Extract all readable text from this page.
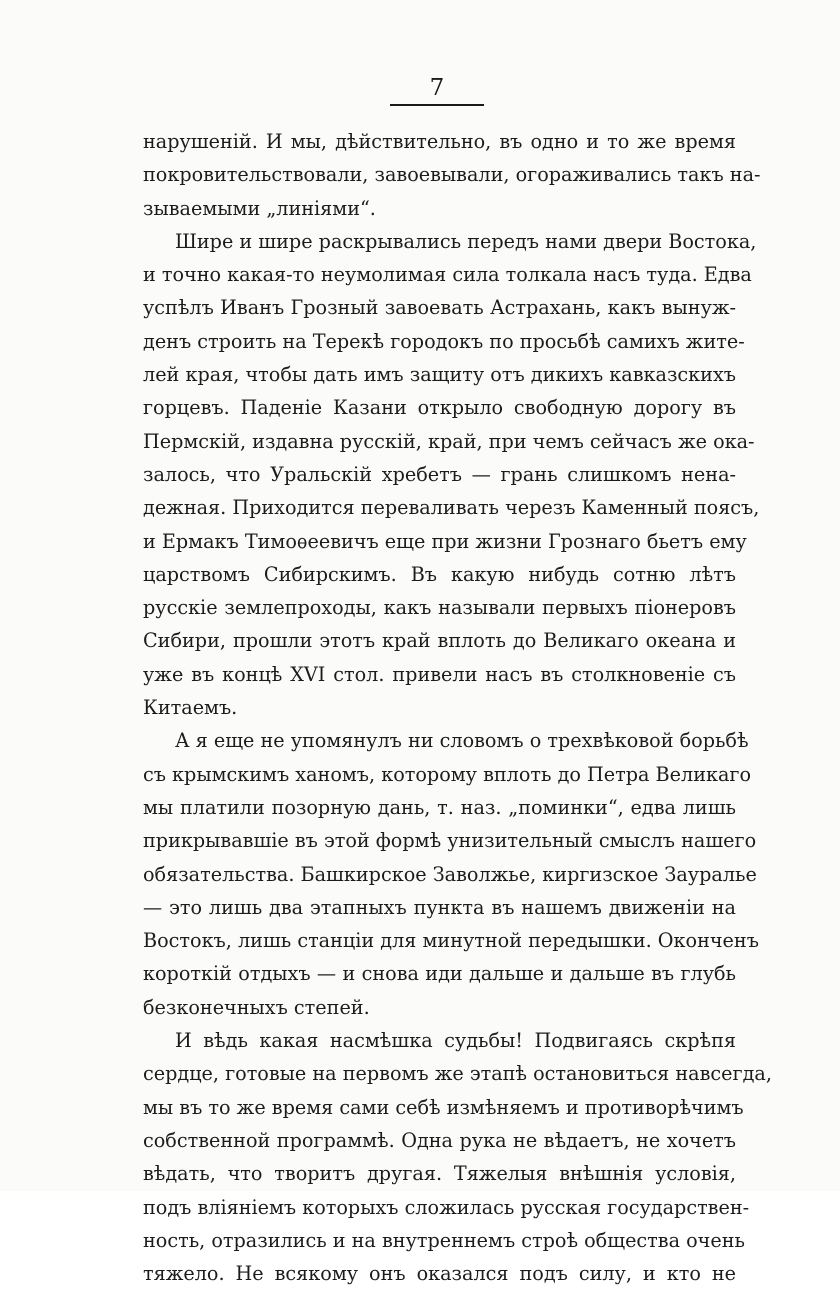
7
нарушеній. И мы, дѣйствительно, въ одно и то же время
покровительствовали, завоевывали, огораживались такъ на-
зываемыми „линіями“.
Шире и шире раскрывались передъ нами двери Востока,
и точно какая-то неумолимая сила толкала насъ туда. Едва
успѣлъ Иванъ Грозный завоевать Астрахань, какъ вынуж-
денъ строить на Терекѣ городокъ по просьбѣ самихъ жите-
лей края, чтобы дать имъ защиту отъ дикихъ кавказскихъ
горцевъ. Паденіе Казани открыло свободную дорогу въ
Пермскій, издавна русскій, край, при чемъ сейчасъ же ока-
залось, что Уральскій хребетъ — грань слишкомъ нена-
дежная. Приходится переваливать черезъ Каменный поясъ,
и Ермакъ Тимоѳеевичъ еще при жизни Грознаго бьетъ ему
царствомъ Сибирскимъ. Въ какую нибудь сотню лѣтъ
русскіе землепроходы, какъ называли первыхъ піонеровъ
Сибири, прошли этотъ край вплоть до Великаго океана и
уже въ концѣ XVI стол. привели насъ въ столкновеніе съ
Китаемъ.
А я еще не упомянулъ ни словомъ о трехвѣковой борьбѣ
съ крымскимъ ханомъ, которому вплоть до Петра Великаго
мы платили позорную дань, т. наз. „поминки“, едва лишь
прикрывавшіе въ этой формѣ унизительный смыслъ нашего
обязательства. Башкирское Заволжье, киргизское Зауралье
— это лишь два этапныхъ пункта въ нашемъ движеніи на
Востокъ, лишь станціи для минутной передышки. Оконченъ
короткій отдыхъ — и снова иди дальше и дальше въ глубь
безконечныхъ степей.
И вѣдь какая насмѣшка судьбы! Подвигаясь скрѣпя
сердце, готовые на первомъ же этапѣ остановиться навсегда,
мы въ то же время сами себѣ измѣняемъ и противорѣчимъ
собственной программѣ. Одна рука не вѣдаетъ, не хочетъ
вѣдать, что творитъ другая. Тяжелыя внѣшнія условія,
подъ вліяніемъ которыхъ сложилась русская государствен-
ность, отразились и на внутреннемъ строѣ общества очень
тяжело. Не всякому онъ оказался подъ силу, и кто не
